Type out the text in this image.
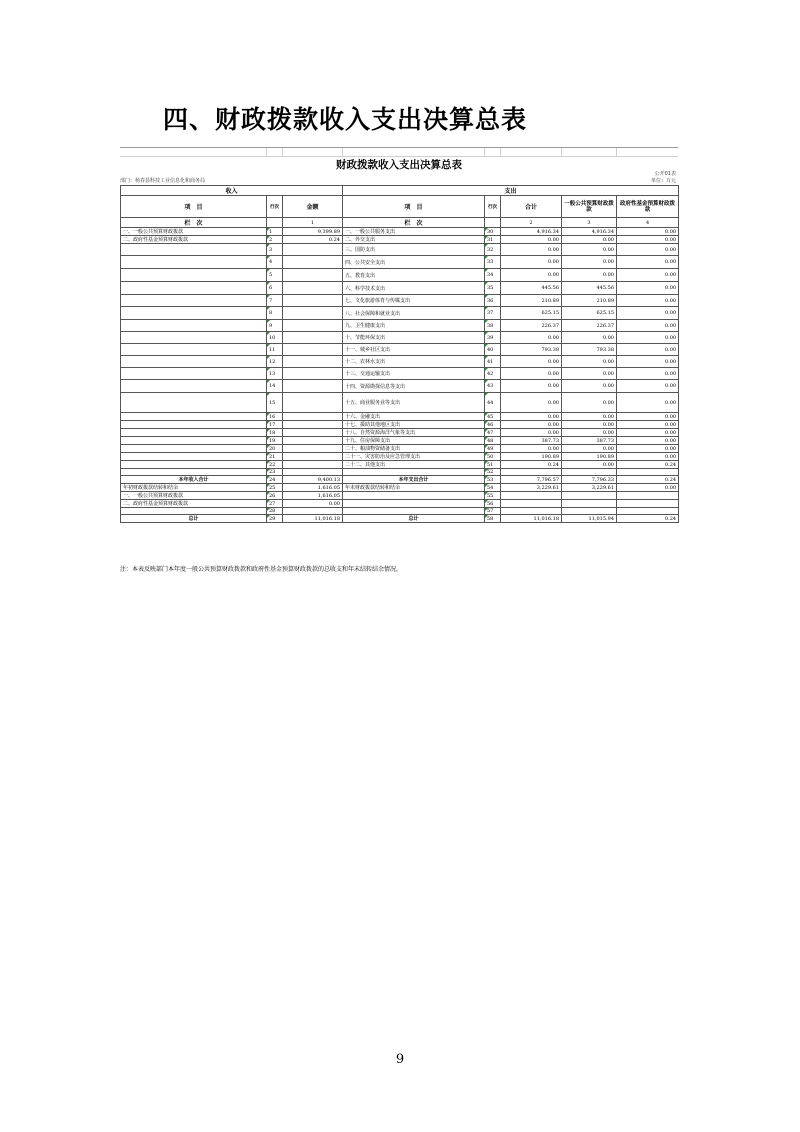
四、财政拨款收入支出决算总表
财政拨款收入支出决算总表
公开01表
单位：万元
部门：杨春县科技工业信息化和商务局
收入			支出				
项　目	行次	金额	项　目	行次	合计	一般公共预算财政拨款	政府性基金预算财政拨款
栏　次		1	栏　次		2	3	4
一、一般公共预算财政拨款	1	9,399.89	一、一般公共服务支出	30	4,916.34	4,916.34	0.00
二、政府性基金预算财政拨款	2	0.24	二、外交支出	31	0.00	0.00	0.00
	3		三、国防支出	32	0.00	0.00	0.00
	4		四、公共安全支出	33	0.00	0.00	0.00
	5		五、教育支出	34	0.00	0.00	0.00
	6		六、科学技术支出	35	445.56	445.56	0.00
	7		七、文化旅游体育与传媒支出	36	210.89	210.89	0.00
	8		八、社会保障和就业支出	37	625.15	625.15	0.00
	9		九、卫生健康支出	38	226.37	226.37	0.00
	10		十、节能环保支出	39	0.00	0.00	0.00
	11		十一、城乡社区支出	40	793.38	793.38	0.00
	12		十二、农林水支出	41	0.00	0.00	0.00
	13		十三、交通运输支出	42	0.00	0.00	0.00
	14		十四、资源勘探信息等支出	43	0.00	0.00	0.00
	15		十五、商业服务业等支出	44	0.00	0.00	0.00
	16		十六、金融支出	45	0.00	0.00	0.00
	17		十七、援助其他地区支出	46	0.00	0.00	0.00
	18		十八、自然资源海洋气象等支出	47	0.00	0.00	0.00
	19		十九、住房保障支出	48	387.73	387.73	0.00
	20		二十、粮油物资储备支出	49	0.00	0.00	0.00
	21		二十一、灾害防治及应急管理支出	50	190.89	190.89	0.00
	22		二十二、其他支出	51	0.24	0.00	0.24
	23			52			
本年收入合计	24	9,400.13	本年支出合计	53	7,796.57	7,796.33	0.24
年初财政拨款结转和结余	25	1,616.05	年末财政拨款结转和结余	54	3,229.61	3,229.61	0.00
一、一般公共预算财政拨款	26	1,616.05		55			
二、政府性基金预算财政拨款	27	0.00		56			
	28			57			
总计	29	11,016.18	总计	58	11,016.18	11,015.94	0.24
注：本表反映部门本年度一般公共预算财政拨款和政府性基金预算财政拨款的总收支和年末结转结余情况。
9
